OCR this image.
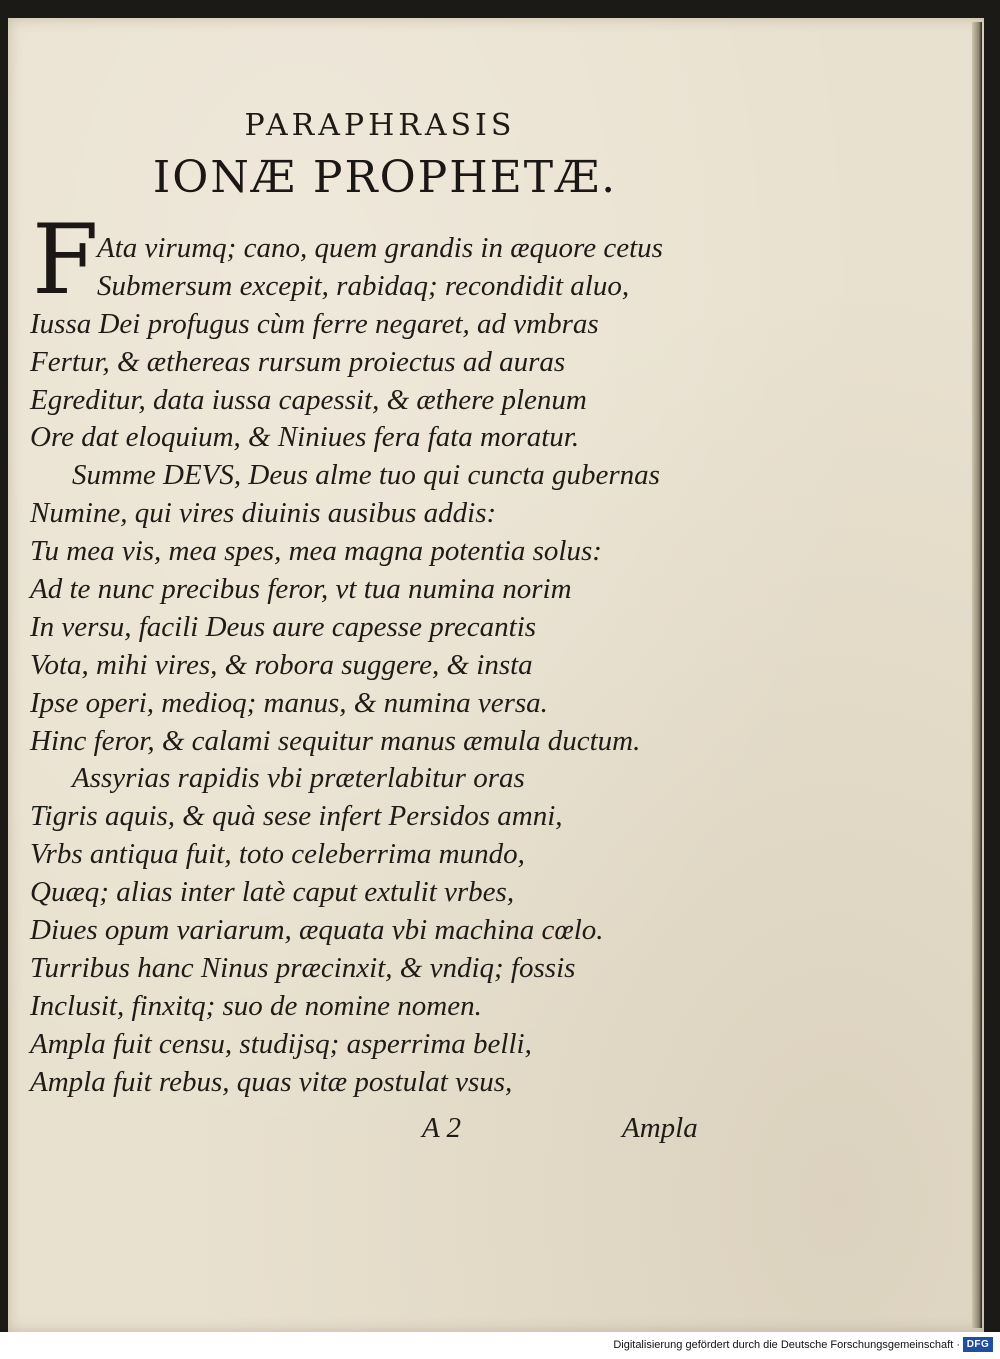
PARAPHRASIS
IONÆ PROPHETÆ.
F
Ata virumq; cano, quem grandis in æquore cetus
Submersum excepit, rabidaq; recondidit aluo,
Iussa Dei profugus cùm ferre negaret, ad vmbras
Fertur, & æthereas rursum proiectus ad auras
Egreditur, data iussa capessit, & æthere plenum
Ore dat eloquium, & Niniues fera fata moratur.
Summe DEVS, Deus alme tuo qui cuncta gubernas
Numine, qui vires diuinis ausibus addis:
Tu mea vis, mea spes, mea magna potentia solus:
Ad te nunc precibus feror, vt tua numina norim
In versu, facili Deus aure capesse precantis
Vota, mihi vires, & robora suggere, & insta
Ipse operi, medioq; manus, & numina versa.
Hinc feror, & calami sequitur manus æmula ductum.
Assyrias rapidis vbi præterlabitur oras
Tigris aquis, & quà sese infert Persidos amni,
Vrbs antiqua fuit, toto celeberrima mundo,
Quæq; alias inter latè caput extulit vrbes,
Diues opum variarum, æquata vbi machina cœlo.
Turribus hanc Ninus præcinxit, & vndiq; fossis
Inclusit, finxitq; suo de nomine nomen.
Ampla fuit censu, studijsq; asperrima belli,
Ampla fuit rebus, quas vitæ postulat vsus,
A 2	Ampla
Digitalisierung gefördert durch die Deutsche Forschungsgemeinschaft · DFG
